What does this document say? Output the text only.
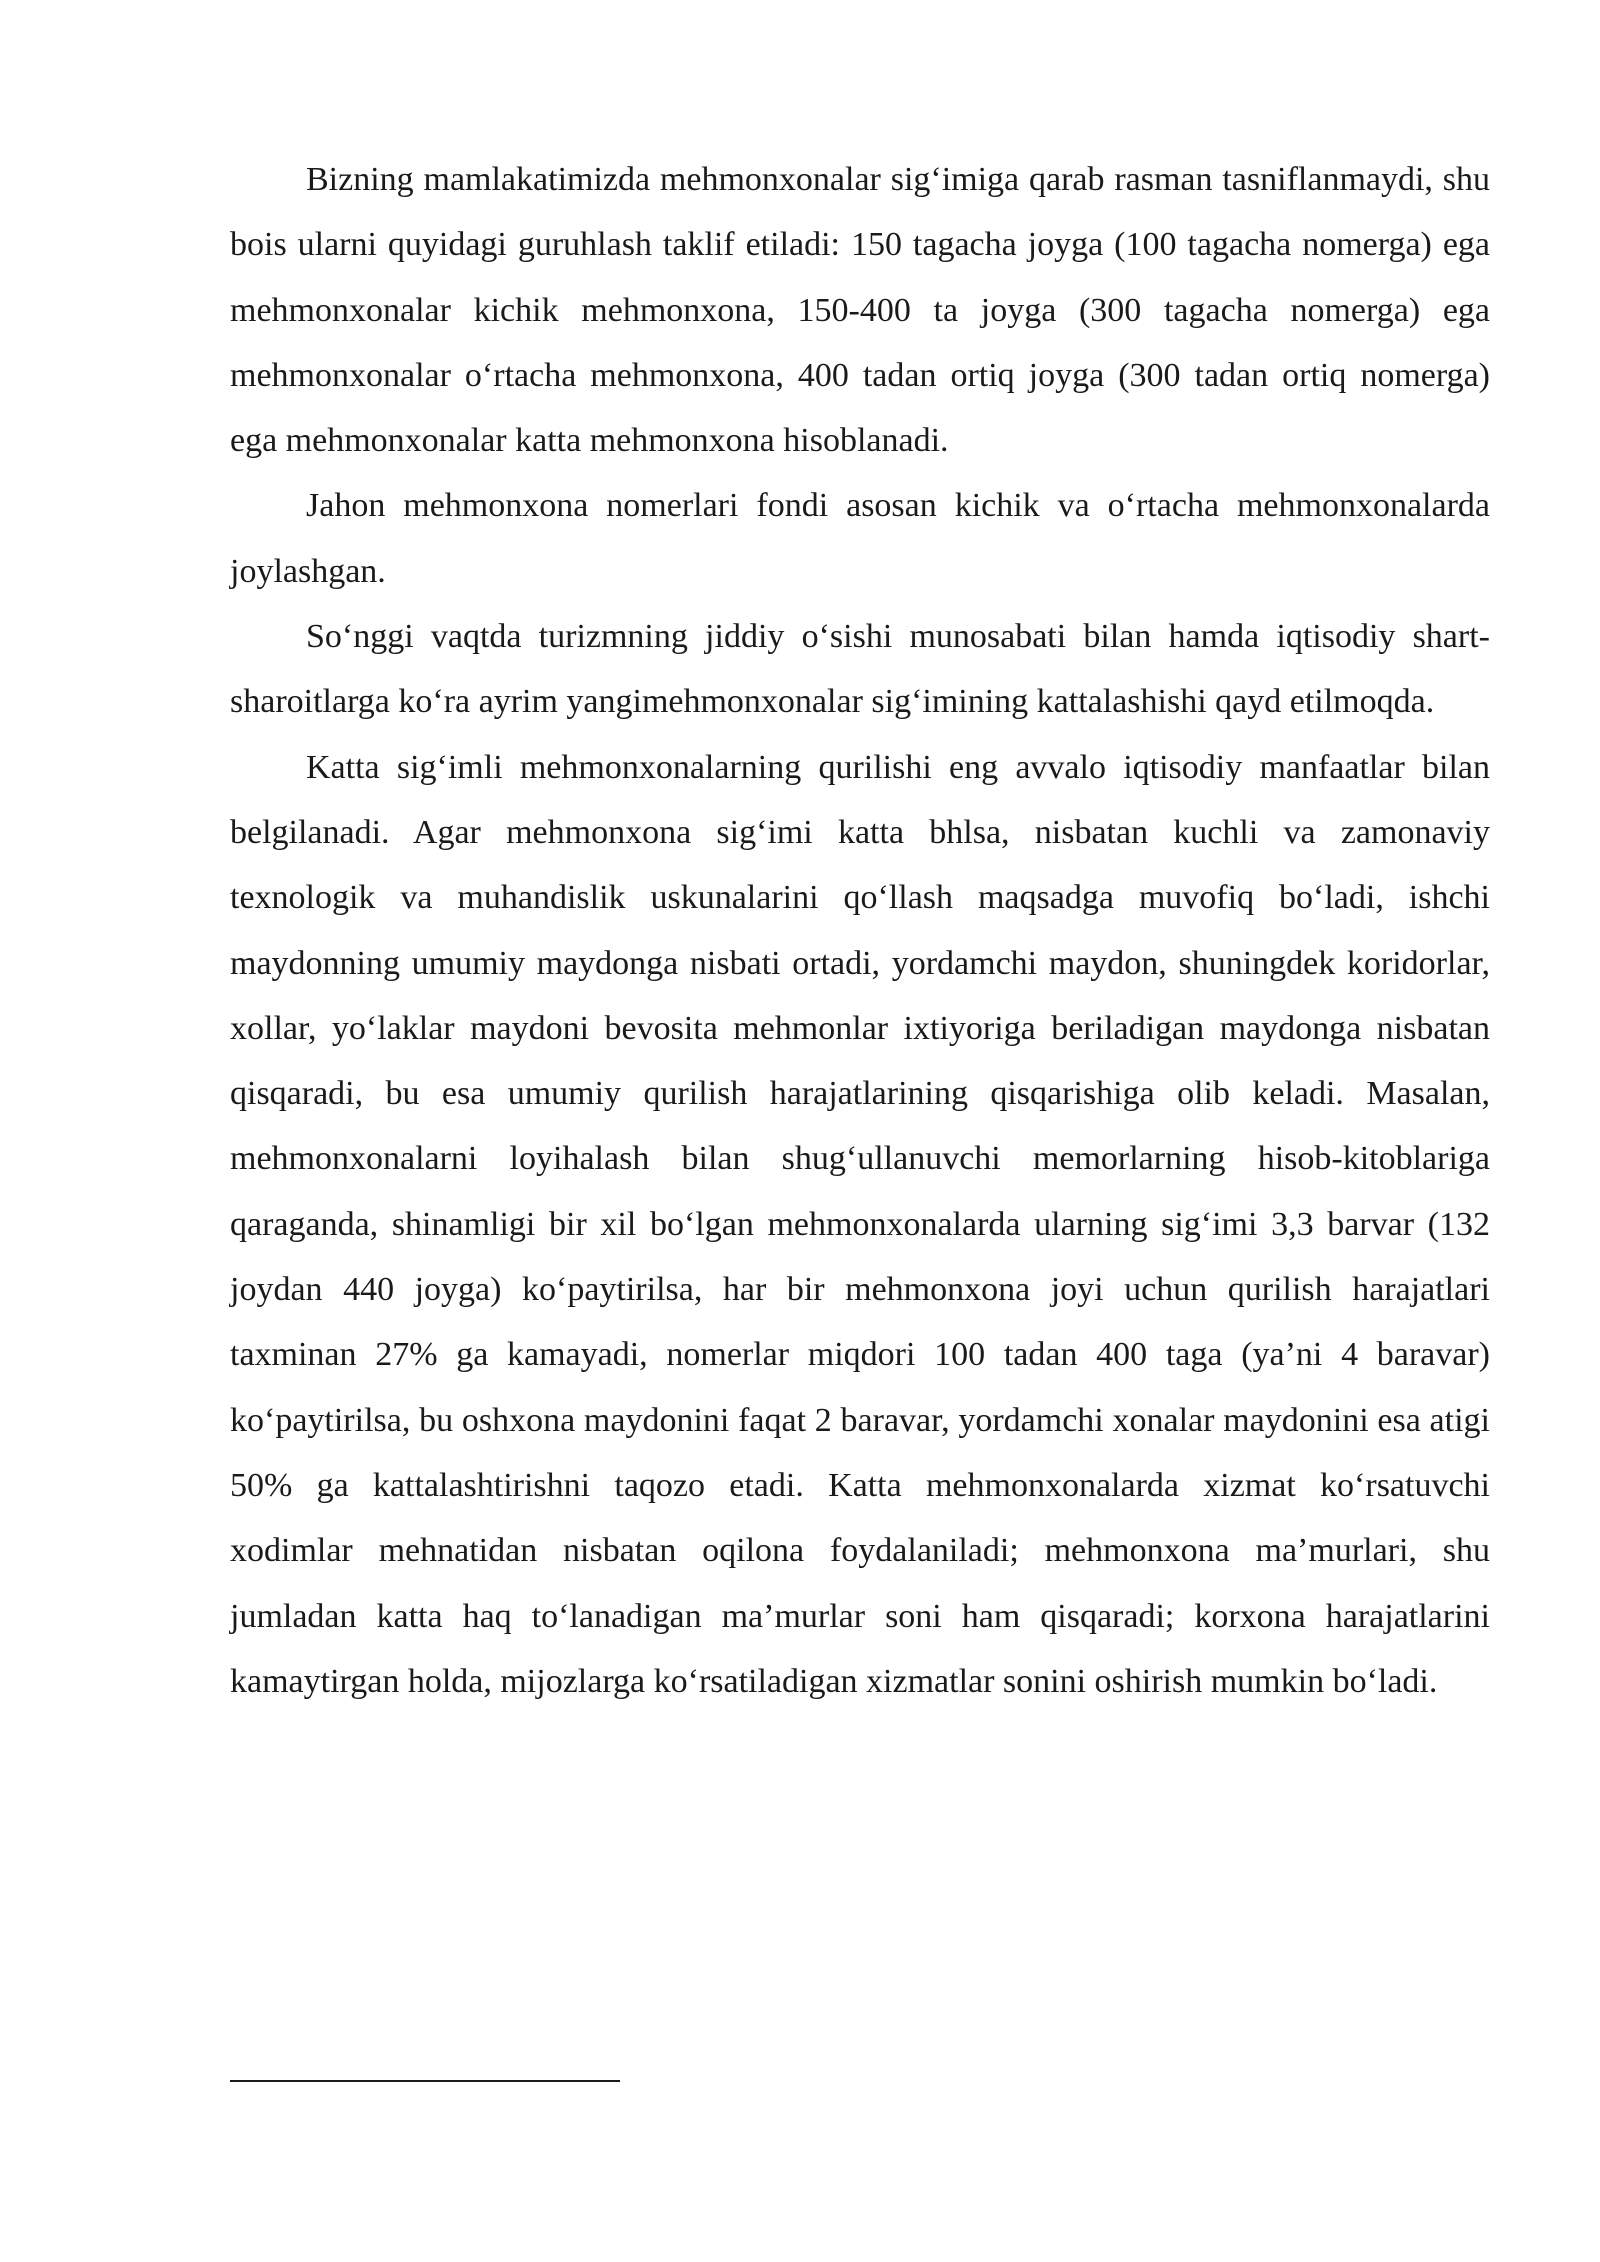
Bizning mamlakatimizda mehmonxonalar sig‘imiga qarab rasman tasniflanmaydi, shu bois ularni quyidagi guruhlash taklif etiladi: 150 tagacha joyga (100 tagacha nomerga) ega mehmonxonalar kichik mehmonxona, 150-400 ta joyga (300 tagacha nomerga) ega mehmonxonalar o‘rtacha mehmonxona, 400 tadan ortiq joyga (300 tadan ortiq nomerga) ega mehmonxonalar katta mehmonxona hisoblanadi.

Jahon mehmonxona nomerlari fondi asosan kichik va o‘rtacha mehmonxonalarda joylashgan.

So‘nggi vaqtda turizmning jiddiy o‘sishi munosabati bilan hamda iqtisodiy shart-sharoitlarga ko‘ra ayrim yangimehmonxonalar sig‘imining kattalashishi qayd etilmoqda.

Katta sig‘imli mehmonxonalarning qurilishi eng avvalo iqtisodiy manfaatlar bilan belgilanadi. Agar mehmonxona sig‘imi katta bhlsa, nisbatan kuchli va zamonaviy texnologik va muhandislik uskunalarini qo‘llash maqsadga muvofiq bo‘ladi, ishchi maydonning umumiy maydonga nisbati ortadi, yordamchi maydon, shuningdek koridorlar, xollar, yo‘laklar maydoni bevosita mehmonlar ixtiyoriga beriladigan maydonga nisbatan qisqaradi, bu esa umumiy qurilish harajatlarining qisqarishiga olib keladi. Masalan, mehmonxonalarni loyihalash bilan shug‘ullanuvchi memorlarning hisob-kitoblariga qaraganda, shinamligi bir xil bo‘lgan mehmonxonalarda ularning sig‘imi 3,3 barvar (132 joydan 440 joyga) ko‘paytirilsa, har bir mehmonxona joyi uchun qurilish harajatlari taxminan 27% ga kamayadi, nomerlar miqdori 100 tadan 400 taga (ya’ni 4 baravar) ko‘paytirilsa, bu oshxona maydonini faqat 2 baravar, yordamchi xonalar maydonini esa atigi 50% ga kattalashtirishni taqozo etadi. Katta mehmonxonalarda xizmat ko‘rsatuvchi xodimlar mehnatidan nisbatan oqilona foydalaniladi; mehmonxona ma’murlari, shu jumladan katta haq to‘lanadigan ma’murlar soni ham qisqaradi; korxona harajatlarini kamaytirgan holda, mijozlarga ko‘rsatiladigan xizmatlar sonini oshirish mumkin bo‘ladi.
